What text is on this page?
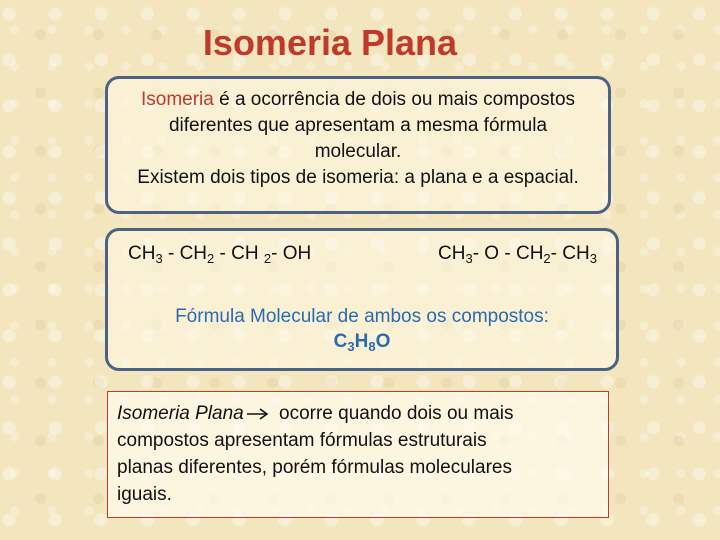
Isomeria Plana

Isomeria é a ocorrência de dois ou mais compostos

diferentes que apresentam a mesma fórmula

molecular.

Existem dois tipos de isomeria: a plana e a espacial.

$CH_3$ ‑ $CH_2$ ‑ CH $_2$‑ OH	$CH_3‑$ O ‑ $CH_2‑$ $CH_3$
Fórmula Molecular de ambos os compostos:
$C_3H_8O$
Isomeria Plana ocorre quando dois ou mais
compostos apresentam fórmulas estruturais
planas diferentes, porém fórmulas moleculares
iguais.
